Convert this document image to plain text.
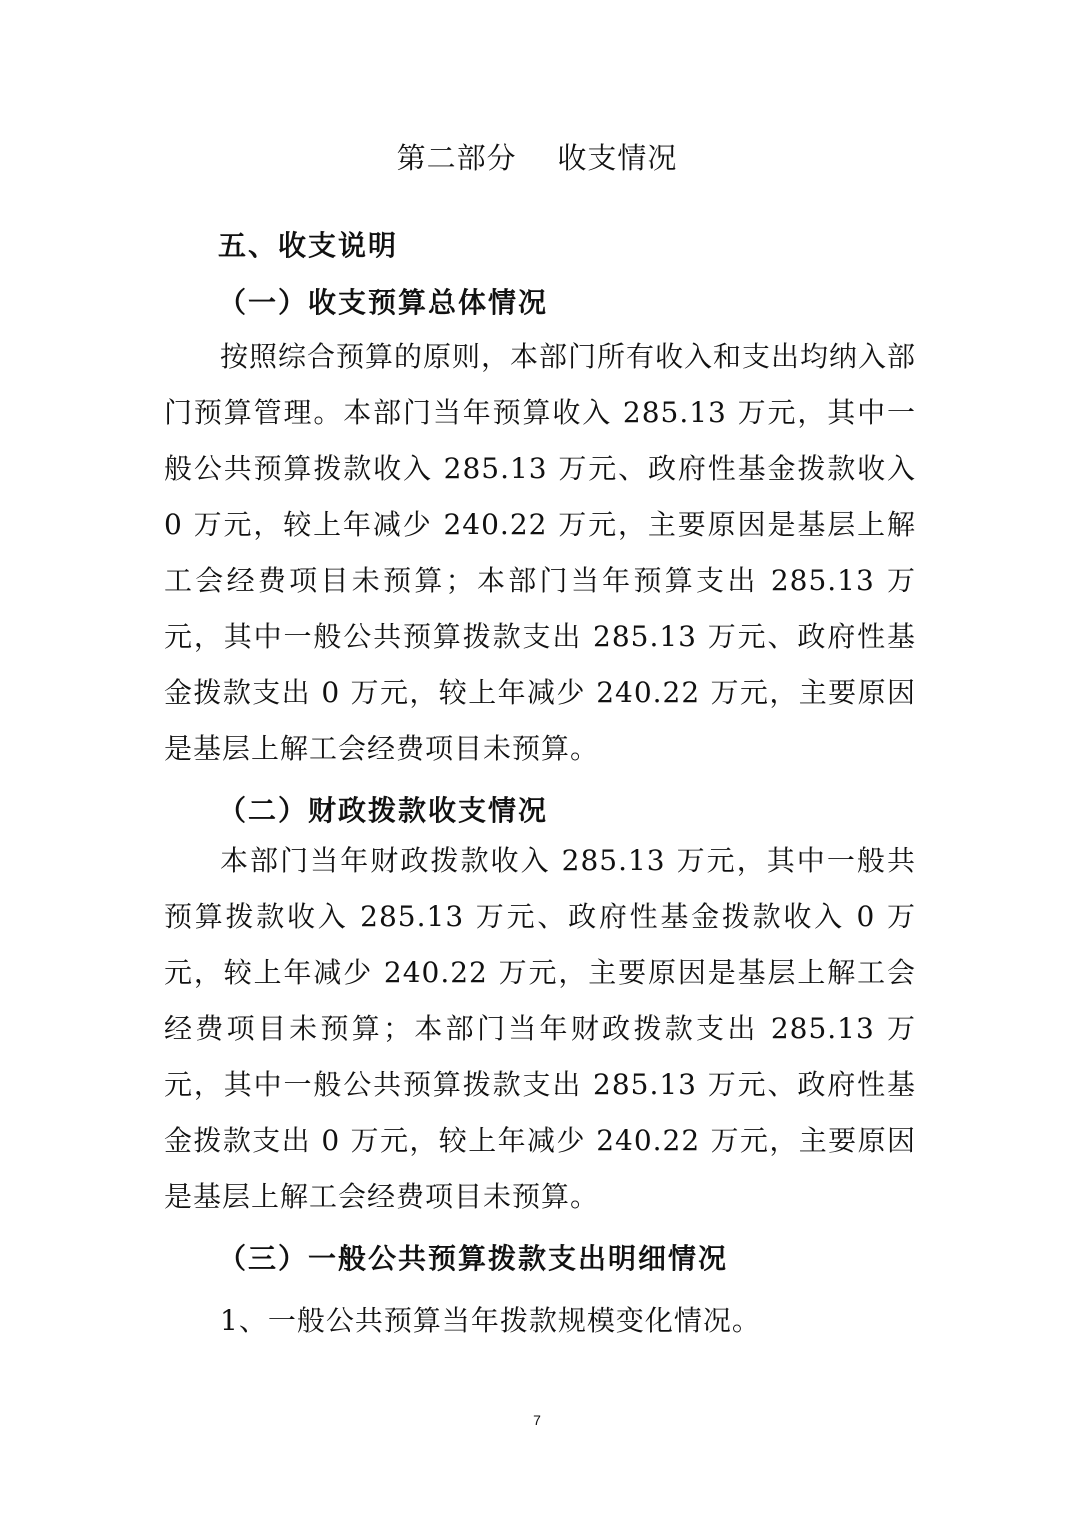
第二部分    收支情况
五、收支说明
（一）收支预算总体情况
按照综合预算的原则，本部门所有收入和支出均纳入部门预算管理。本部门当年预算收入 285.13 万元，其中一般公共预算拨款收入 285.13 万元、政府性基金拨款收入 0 万元，较上年减少 240.22 万元，主要原因是基层上解工会经费项目未预算；本部门当年预算支出 285.13 万元，其中一般公共预算拨款支出 285.13 万元、政府性基金拨款支出 0 万元，较上年减少 240.22 万元，主要原因是基层上解工会经费项目未预算。
（二）财政拨款收支情况
本部门当年财政拨款收入 285.13 万元，其中一般共预算拨款收入 285.13 万元、政府性基金拨款收入 0 万元，较上年减少 240.22 万元，主要原因是基层上解工会经费项目未预算；本部门当年财政拨款支出 285.13 万元，其中一般公共预算拨款支出 285.13 万元、政府性基金拨款支出 0 万元，较上年减少 240.22 万元，主要原因是基层上解工会经费项目未预算。
（三）一般公共预算拨款支出明细情况
1、一般公共预算当年拨款规模变化情况。
7
